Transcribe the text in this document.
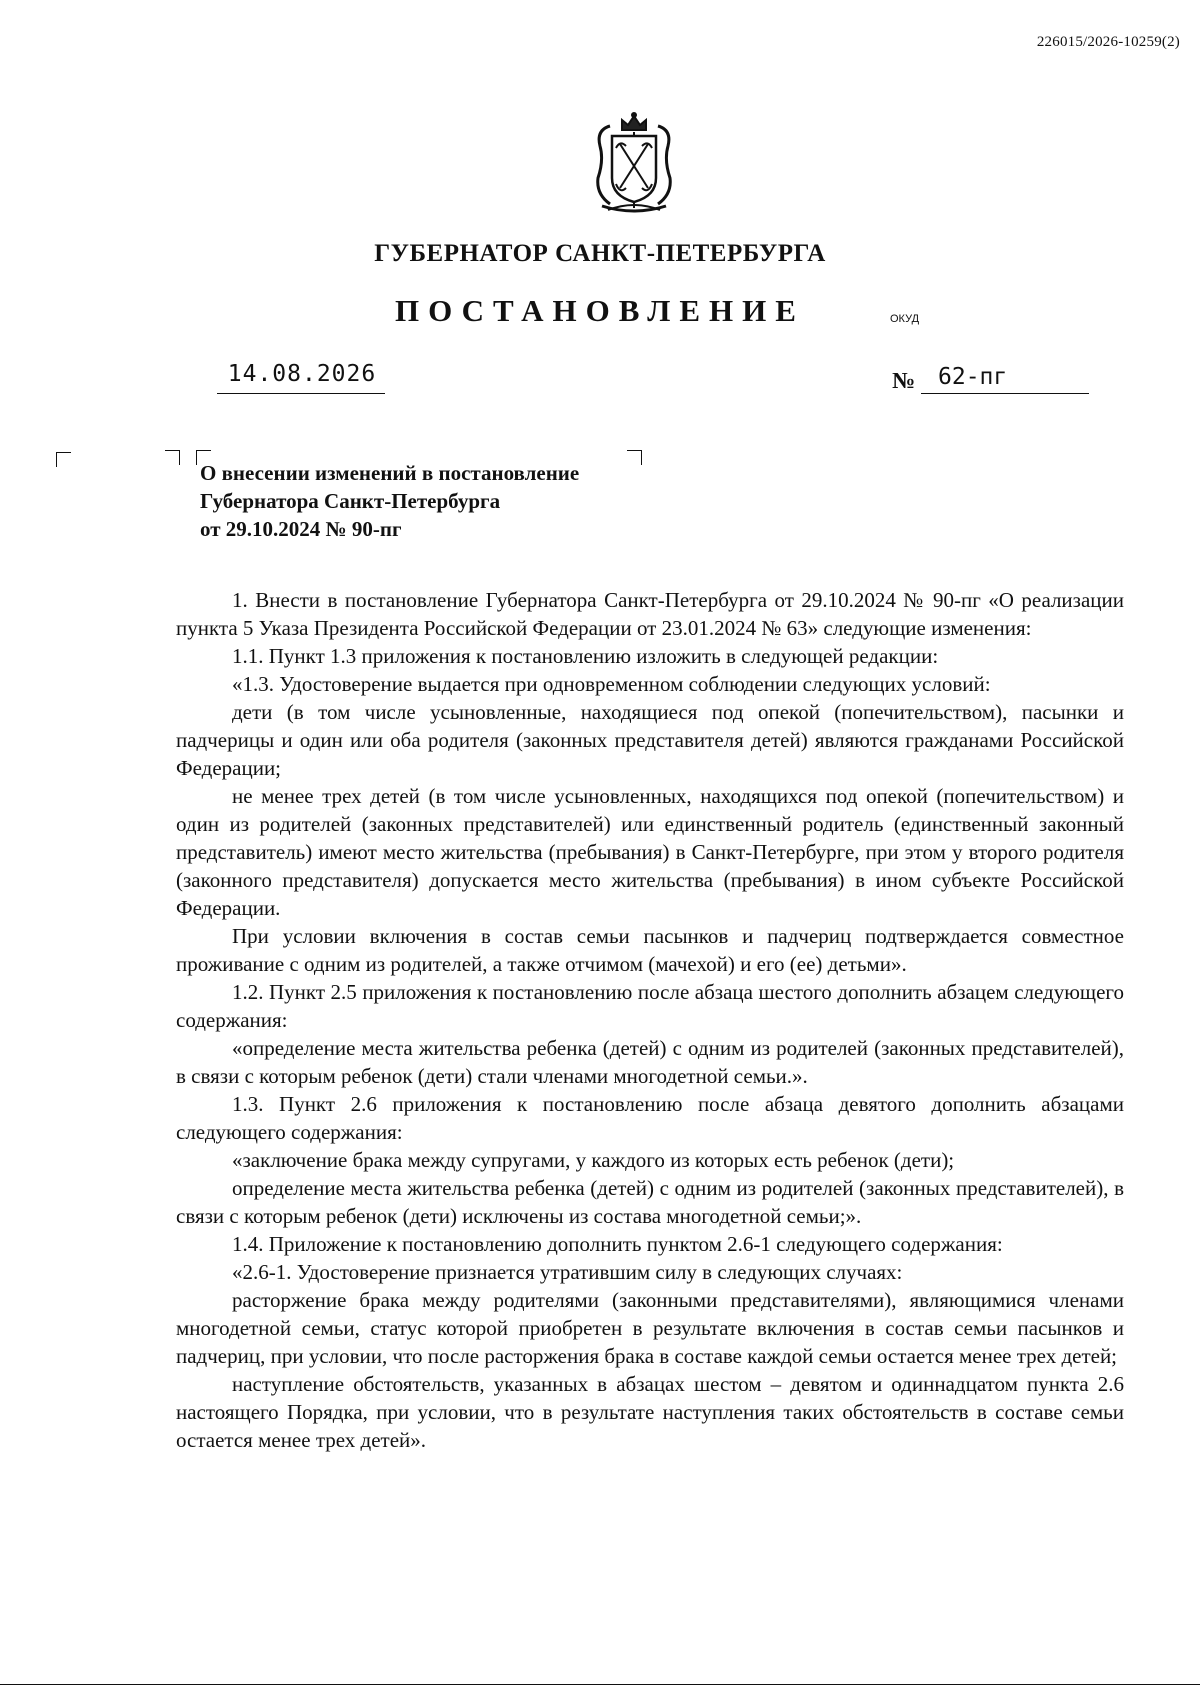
226015/2026-10259(2)
ГУБЕРНАТОР САНКТ-ПЕТЕРБУРГА
ПОСТАНОВЛЕНИЕ	ОКУД
14.08.2026	№ 62-пг
О внесении изменений в постановление
Губернатора Санкт-Петербурга
от 29.10.2024 № 90-пг

1. Внести в постановление Губернатора Санкт-Петербурга от 29.10.2024 № 90-пг «О реализации пункта 5 Указа Президента Российской Федерации от 23.01.2024 № 63» следующие изменения:

1.1. Пункт 1.3 приложения к постановлению изложить в следующей редакции:

«1.3. Удостоверение выдается при одновременном соблюдении следующих условий:

дети (в том числе усыновленные, находящиеся под опекой (попечительством), пасынки и падчерицы и один или оба родителя (законных представителя детей) являются гражданами Российской Федерации;

не менее трех детей (в том числе усыновленных, находящихся под опекой (попечительством) и один из родителей (законных представителей) или единственный родитель (единственный законный представитель) имеют место жительства (пребывания) в Санкт-Петербурге, при этом у второго родителя (законного представителя) допускается место жительства (пребывания) в ином субъекте Российской Федерации.

При условии включения в состав семьи пасынков и падчериц подтверждается совместное проживание с одним из родителей, а также отчимом (мачехой) и его (ее) детьми».

1.2. Пункт 2.5 приложения к постановлению после абзаца шестого дополнить абзацем следующего содержания:

«определение места жительства ребенка (детей) с одним из родителей (законных представителей), в связи с которым ребенок (дети) стали членами многодетной семьи.».

1.3. Пункт 2.6 приложения к постановлению после абзаца девятого дополнить абзацами следующего содержания:

«заключение брака между супругами, у каждого из которых есть ребенок (дети);

определение места жительства ребенка (детей) с одним из родителей (законных представителей), в связи с которым ребенок (дети) исключены из состава многодетной семьи;».

1.4. Приложение к постановлению дополнить пунктом 2.6-1 следующего содержания:

«2.6-1. Удостоверение признается утратившим силу в следующих случаях:

расторжение брака между родителями (законными представителями), являющимися членами многодетной семьи, статус которой приобретен в результате включения в состав семьи пасынков и падчериц, при условии, что после расторжения брака в составе каждой семьи остается менее трех детей;

наступление обстоятельств, указанных в абзацах шестом – девятом и одиннадцатом пункта 2.6 настоящего Порядка, при условии, что в результате наступления таких обстоятельств в составе семьи остается менее трех детей».
